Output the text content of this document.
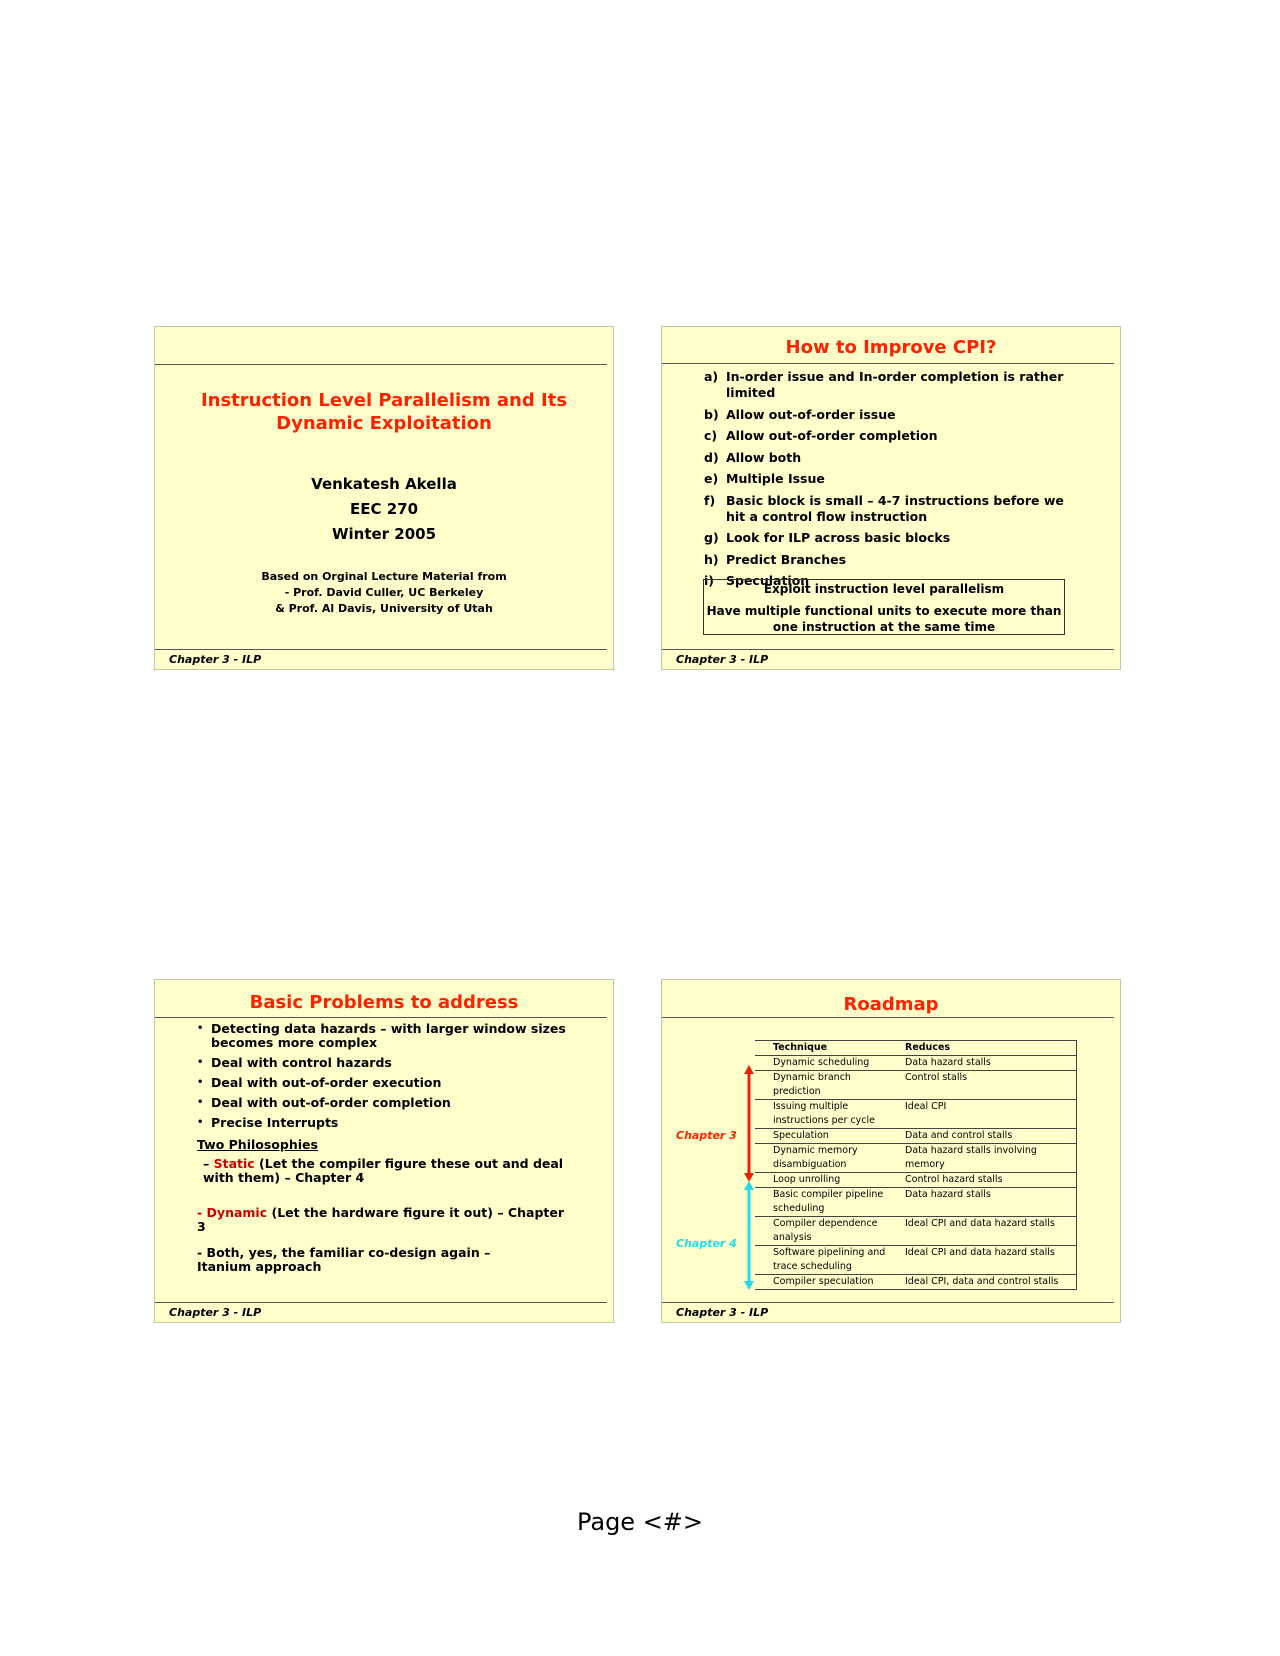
Instruction Level Parallelism and Its
Dynamic Exploitation
Venkatesh Akella
EEC 270
Winter 2005
Based on Orginal Lecture Material from
- Prof. David Culler, UC Berkeley
& Prof. Al Davis, University of Utah
Chapter 3 - ILP
How to Improve CPI?
a) In-order issue and In-order completion is rather limited
b) Allow out-of-order issue
c) Allow out-of-order completion
d) Allow both
e) Multiple Issue
f) Basic block is small – 4-7 instructions before we hit a control flow instruction
g) Look for ILP across basic blocks
h) Predict Branches
i) Speculation
Exploit instruction level parallelism
Have multiple functional units to execute more than one instruction at the same time
Chapter 3 - ILP
Basic Problems to address
• Detecting data hazards – with larger window sizes becomes more complex
• Deal with control hazards
• Deal with out-of-order execution
• Deal with out-of-order completion
• Precise Interrupts
Two Philosophies
– Static (Let the compiler figure these out and deal with them) – Chapter 4
- Dynamic (Let the hardware figure it out) – Chapter 3
- Both, yes, the familiar co-design again – Itanium approach
Chapter 3 - ILP
Roadmap
Technique	Reduces
Dynamic scheduling	Data hazard stalls
Dynamic branch prediction	Control stalls
Issuing multiple instructions per cycle	Ideal CPI
Speculation	Data and control stalls
Dynamic memory disambiguation	Data hazard stalls involving memory
Loop unrolling	Control hazard stalls
Basic compiler pipeline scheduling	Data hazard stalls
Compiler dependence analysis	Ideal CPI and data hazard stalls
Software pipelining and trace scheduling	Ideal CPI and data hazard stalls
Compiler speculation	Ideal CPI, data and control stalls
Chapter 3
Chapter 4
Chapter 3 - ILP
Page <#>
